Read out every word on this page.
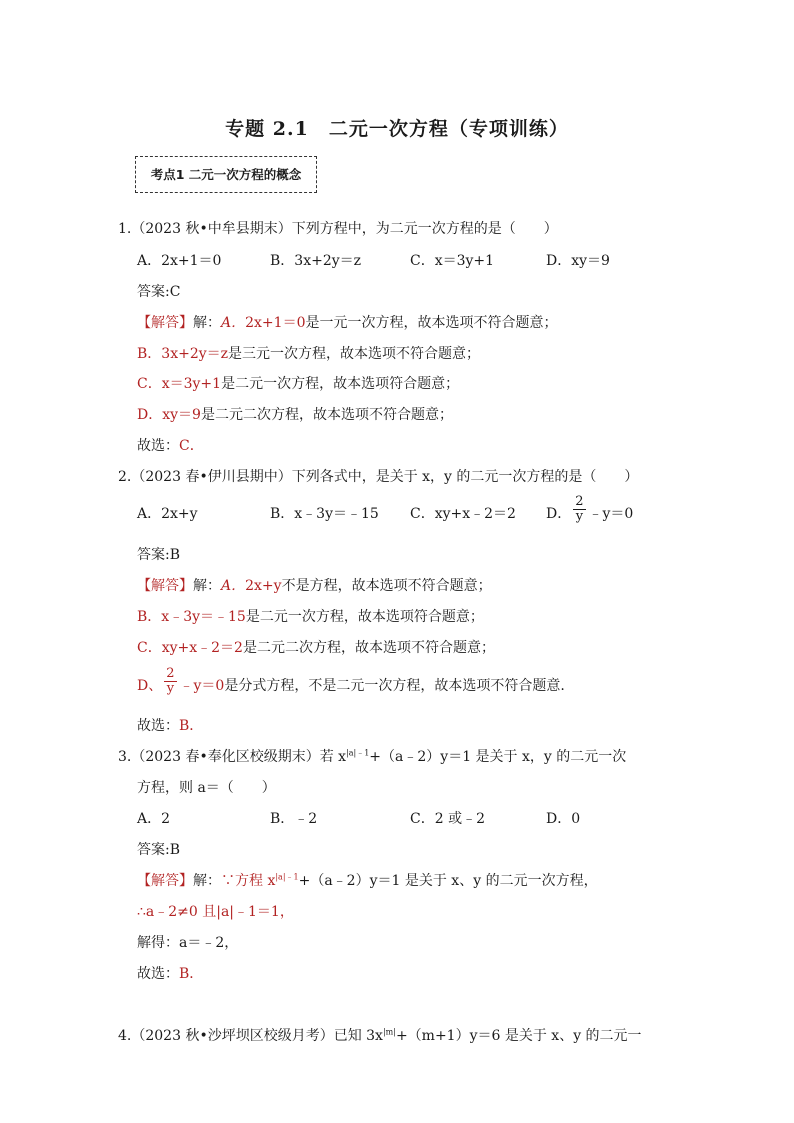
专题 2.1　二元一次方程（专项训练）
考点1 二元一次方程的概念
1.（2023 秋•中牟县期末）下列方程中，为二元一次方程的是（　　）
A．2x+1＝0	B．3x+2y＝z	C．x＝3y+1	D．xy＝9
答案:C
【解答】解：A．2x+1＝0是一元一次方程，故本选项不符合题意；
B．3x+2y＝z是三元一次方程，故本选项不符合题意；
C．x＝3y+1是二元一次方程，故本选项符合题意；
D．xy＝9是二元二次方程，故本选项不符合题意；
故选：C．
2.（2023 春•伊川县期中）下列各式中，是关于 x，y 的二元一次方程的是（　　）
A．2x+y	B．x﹣3y＝﹣15	C．xy+x﹣2＝2	D． $\frac{2}{y}$ ﹣y＝0
答案:B
【解答】解：A．2x+y不是方程，故本选项不符合题意；
B．x﹣3y＝﹣15是二元一次方程，故本选项符合题意；
C．xy+x﹣2＝2是二元二次方程，故本选项不符合题意；
D、 $\frac{2}{y}$ ﹣y＝0是分式方程，不是二元一次方程，故本选项不符合题意.
故选：B．
3.（2023 春•奉化区校级期末）若 $x^{|a|﹣1}+(a﹣2)y=1$ 是关于 x，y 的二元一次
方程，则 a＝（　　）
A．2	B．﹣2	C．2 或﹣2	D．0
答案:B
【解答】解：∵方程 $x^{|a|﹣1}+(a﹣2)y=1$ 是关于 x、y 的二元一次方程，
∴a﹣2≠0 且|a|﹣1＝1，
解得：a＝﹣2，
故选：B．
4.（2023 秋•沙坪坝区校级月考）已知 $3x^{|m|}+(m+1)y=6$ 是关于 x、y 的二元一
